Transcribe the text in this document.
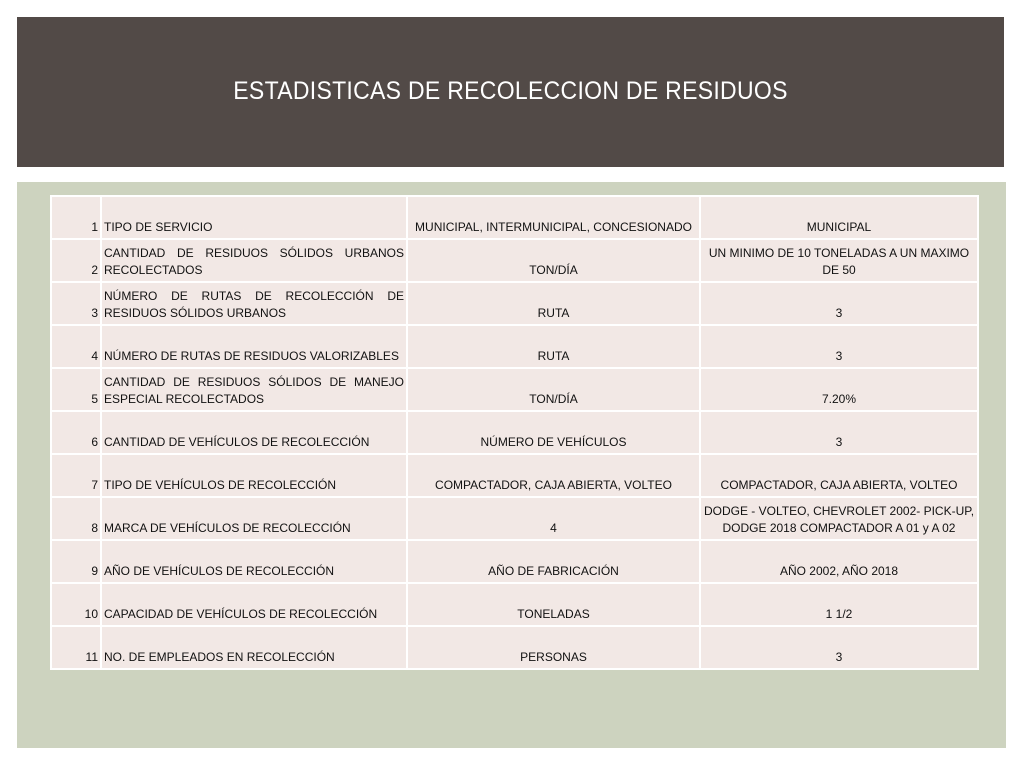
ESTADISTICAS DE RECOLECCION DE RESIDUOS
1	TIPO DE SERVICIO	MUNICIPAL, INTERMUNICIPAL, CONCESIONADO	MUNICIPAL
2	CANTIDAD DE RESIDUOS SÓLIDOS URBANOS RECOLECTADOS	TON/DÍA	UN MINIMO DE 10 TONELADAS A UN MAXIMO DE 50
3	NÚMERO DE RUTAS DE RECOLECCIÓN DE RESIDUOS SÓLIDOS URBANOS	RUTA	3
4	NÚMERO DE RUTAS DE RESIDUOS VALORIZABLES	RUTA	3
5	CANTIDAD DE RESIDUOS SÓLIDOS DE MANEJO ESPECIAL RECOLECTADOS	TON/DÍA	7.20%
6	CANTIDAD DE VEHÍCULOS DE RECOLECCIÓN	NÚMERO DE VEHÍCULOS	3
7	TIPO DE VEHÍCULOS DE RECOLECCIÓN	COMPACTADOR, CAJA ABIERTA, VOLTEO	COMPACTADOR, CAJA ABIERTA, VOLTEO
8	MARCA DE VEHÍCULOS DE RECOLECCIÓN	4	DODGE - VOLTEO, CHEVROLET 2002- PICK-UP, DODGE 2018 COMPACTADOR A 01 y A 02
9	AÑO DE VEHÍCULOS DE RECOLECCIÓN	AÑO DE FABRICACIÓN	AÑO 2002, AÑO 2018
10	CAPACIDAD DE VEHÍCULOS DE RECOLECCIÓN	TONELADAS	1 1/2
11	NO. DE EMPLEADOS EN RECOLECCIÓN	PERSONAS	3
